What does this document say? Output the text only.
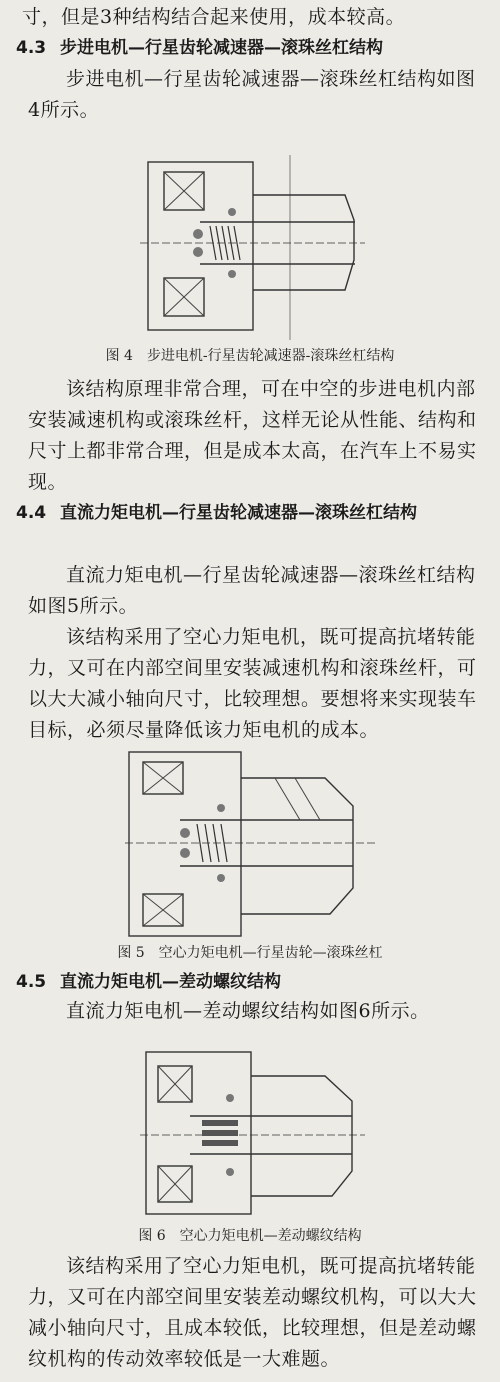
寸，但是3种结构结合起来使用，成本较高。

4.3 步进电机—行星齿轮减速器—滚珠丝杠结构

步进电机—行星齿轮减速器—滚珠丝杠结构如图4所示。

图 4 步进电机-行星齿轮减速器-滚珠丝杠结构

该结构原理非常合理，可在中空的步进电机内部安装减速机构或滚珠丝杆，这样无论从性能、结构和尺寸上都非常合理，但是成本太高，在汽车上不易实现。

4.4 直流力矩电机—行星齿轮减速器—滚珠丝杠结构

直流力矩电机—行星齿轮减速器—滚珠丝杠结构如图5所示。

该结构采用了空心力矩电机，既可提高抗堵转能力，又可在内部空间里安装减速机构和滚珠丝杆，可以大大减小轴向尺寸，比较理想。要想将来实现装车目标，必须尽量降低该力矩电机的成本。

图 5 空心力矩电机—行星齿轮—滚珠丝杠
4.5 直流力矩电机—差动螺纹结构

直流力矩电机—差动螺纹结构如图6所示。

图 6 空心力矩电机—差动螺纹结构

该结构采用了空心力矩电机，既可提高抗堵转能力，又可在内部空间里安装差动螺纹机构，可以大大减小轴向尺寸，且成本较低，比较理想，但是差动螺纹机构的传动效率较低是一大难题。
